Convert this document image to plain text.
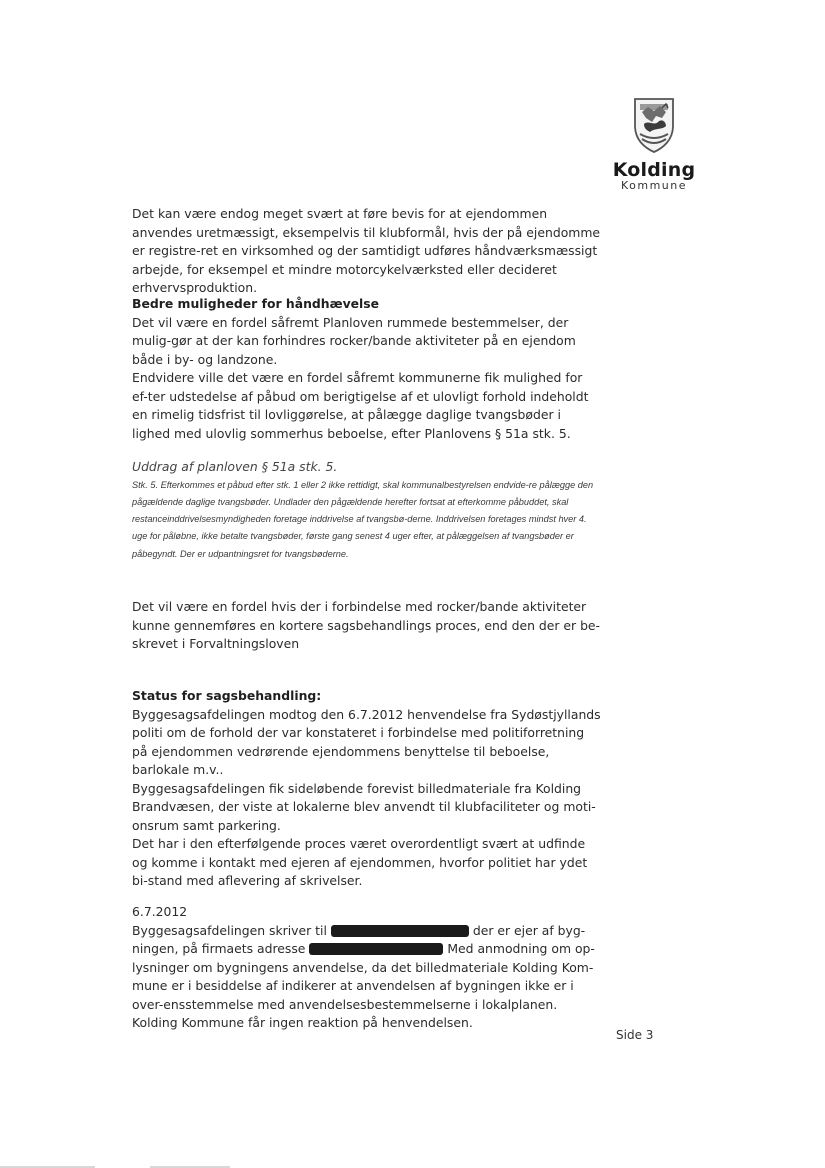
Kolding
Kommune

Det kan være endog meget svært at føre bevis for at ejendommen anvendes uretmæssigt, eksempelvis til klubformål, hvis der på ejendomme er registre-ret en virksomhed og der samtidigt udføres håndværksmæssigt arbejde, for eksempel et mindre motorcykelværksted eller decideret erhvervsproduktion.

Bedre muligheder for håndhævelse

Det vil være en fordel såfremt Planloven rummede bestemmelser, der mulig-gør at der kan forhindres rocker/bande aktiviteter på en ejendom både i by- og landzone.

Endvidere ville det være en fordel såfremt kommunerne fik mulighed for ef-ter udstedelse af påbud om berigtigelse af et ulovligt forhold indeholdt en rimelig tidsfrist til lovliggørelse, at pålægge daglige tvangsbøder i lighed med ulovlig sommerhus beboelse, efter Planlovens § 51a stk. 5.

Uddrag af planloven § 51a stk. 5.

Stk. 5. Efterkommes et påbud efter stk. 1 eller 2 ikke rettidigt, skal kommunalbestyrelsen endvide-re pålægge den pågældende daglige tvangsbøder. Undlader den pågældende herefter fortsat at efterkomme påbuddet, skal restanceinddrivelsesmyndigheden foretage inddrivelse af tvangsbø-derne. Inddrivelsen foretages mindst hver 4. uge for påløbne, ikke betalte tvangsbøder, første gang senest 4 uger efter, at pålæggelsen af tvangsbøder er påbegyndt. Der er udpantningsret for tvangsbøderne.

Det vil være en fordel hvis der i forbindelse med rocker/bande aktiviteter kunne gennemføres en kortere sagsbehandlings proces, end den der er be-skrevet i Forvaltningsloven

Status for sagsbehandling:

Byggesagsafdelingen modtog den 6.7.2012 henvendelse fra Sydøstjyllands politi om de forhold der var konstateret i forbindelse med politiforretning på ejendommen vedrørende ejendommens benyttelse til beboelse, barlokale m.v..

Byggesagsafdelingen fik sideløbende forevist billedmateriale fra Kolding Brandvæsen, der viste at lokalerne blev anvendt til klubfaciliteter og moti-onsrum samt parkering.

Det har i den efterfølgende proces været overordentligt svært at udfinde og komme i kontakt med ejeren af ejendommen, hvorfor politiet har ydet bi-stand med aflevering af skrivelser.

6.7.2012

Byggesagsafdelingen skriver til	der er ejer af byg-ningen, på firmaets adresse	Med anmodning om op-lysninger om bygningens anvendelse, da det billedmateriale Kolding Kom-mune er i besiddelse af indikerer at anvendelsen af bygningen ikke er i over-ensstemmelse med anvendelsesbestemmelserne i lokalplanen.

Kolding Kommune får ingen reaktion på henvendelsen.

Side 3
